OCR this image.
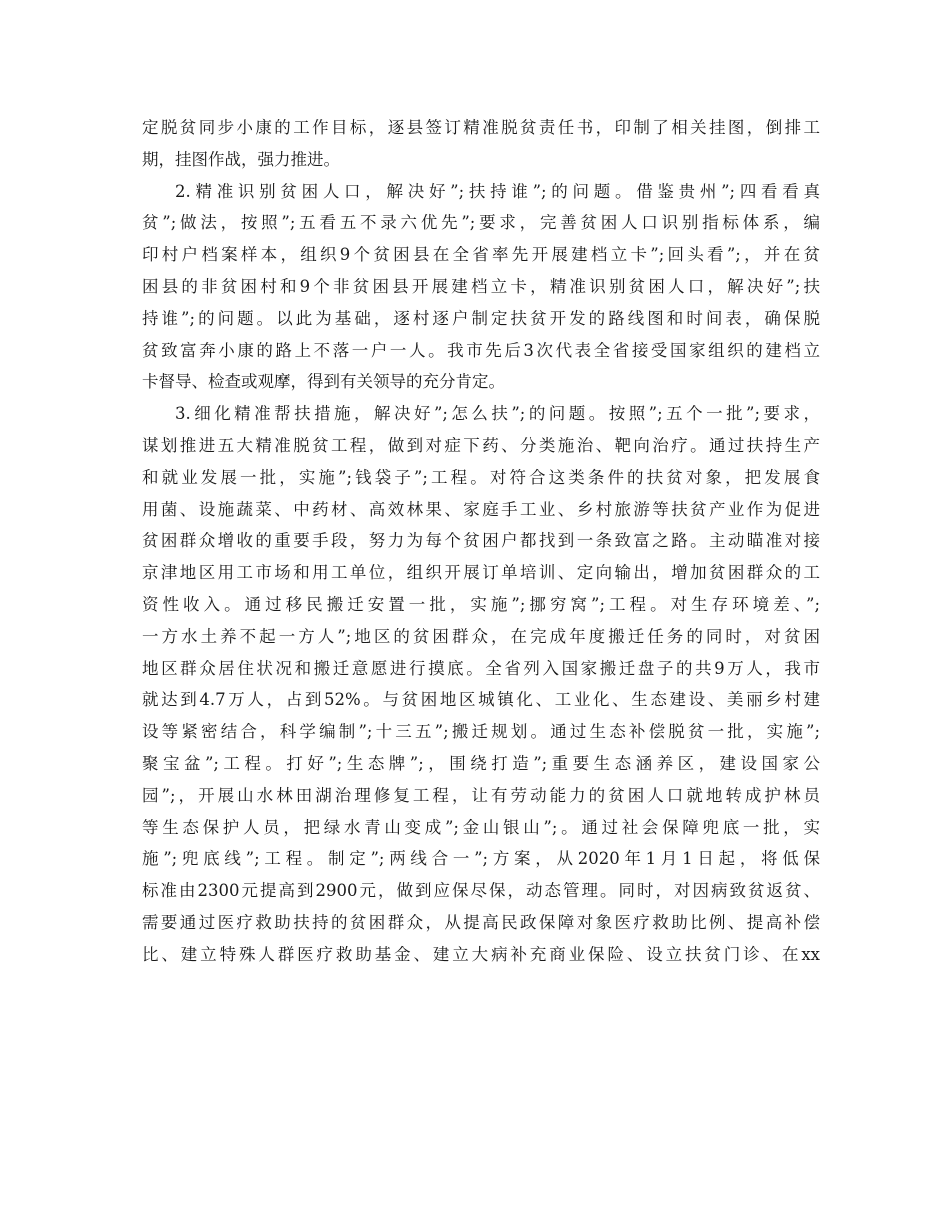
定脱贫同步小康的工作目标，逐县签订精准脱贫责任书，印制了相关挂图，倒排工
期，挂图作战，强力推进。
2.精准识别贫困人口，解决好”;扶持谁”;的问题。借鉴贵州”;四看看真
贫”;做法，按照”;五看五不录六优先”;要求，完善贫困人口识别指标体系，编
印村户档案样本，组织9个贫困县在全省率先开展建档立卡”;回头看”;，并在贫
困县的非贫困村和9个非贫困县开展建档立卡，精准识别贫困人口，解决好”;扶
持谁”;的问题。以此为基础，逐村逐户制定扶贫开发的路线图和时间表，确保脱
贫致富奔小康的路上不落一户一人。我市先后3次代表全省接受国家组织的建档立
卡督导、检查或观摩，得到有关领导的充分肯定。
3.细化精准帮扶措施，解决好”;怎么扶”;的问题。按照”;五个一批”;要求，
谋划推进五大精准脱贫工程，做到对症下药、分类施治、靶向治疗。通过扶持生产
和就业发展一批，实施”;钱袋子”;工程。对符合这类条件的扶贫对象，把发展食
用菌、设施蔬菜、中药材、高效林果、家庭手工业、乡村旅游等扶贫产业作为促进
贫困群众增收的重要手段，努力为每个贫困户都找到一条致富之路。主动瞄准对接
京津地区用工市场和用工单位，组织开展订单培训、定向输出，增加贫困群众的工
资性收入。通过移民搬迁安置一批，实施”;挪穷窝”;工程。对生存环境差、”;
一方水土养不起一方人”;地区的贫困群众，在完成年度搬迁任务的同时，对贫困
地区群众居住状况和搬迁意愿进行摸底。全省列入国家搬迁盘子的共9万人，我市
就达到4.7万人，占到52%。与贫困地区城镇化、工业化、生态建设、美丽乡村建
设等紧密结合，科学编制”;十三五”;搬迁规划。通过生态补偿脱贫一批，实施”;
聚宝盆”;工程。打好”;生态牌”;，围绕打造”;重要生态涵养区，建设国家公
园”;，开展山水林田湖治理修复工程，让有劳动能力的贫困人口就地转成护林员
等生态保护人员，把绿水青山变成”;金山银山”;。通过社会保障兜底一批，实
施”;兜底线”;工程。制定”;两线合一”;方案，从2020年1月1日起，将低保
标准由2300元提高到2900元，做到应保尽保，动态管理。同时，对因病致贫返贫、
需要通过医疗救助扶持的贫困群众，从提高民政保障对象医疗救助比例、提高补偿
比、建立特殊人群医疗救助基金、建立大病补充商业保险、设立扶贫门诊、在xx
